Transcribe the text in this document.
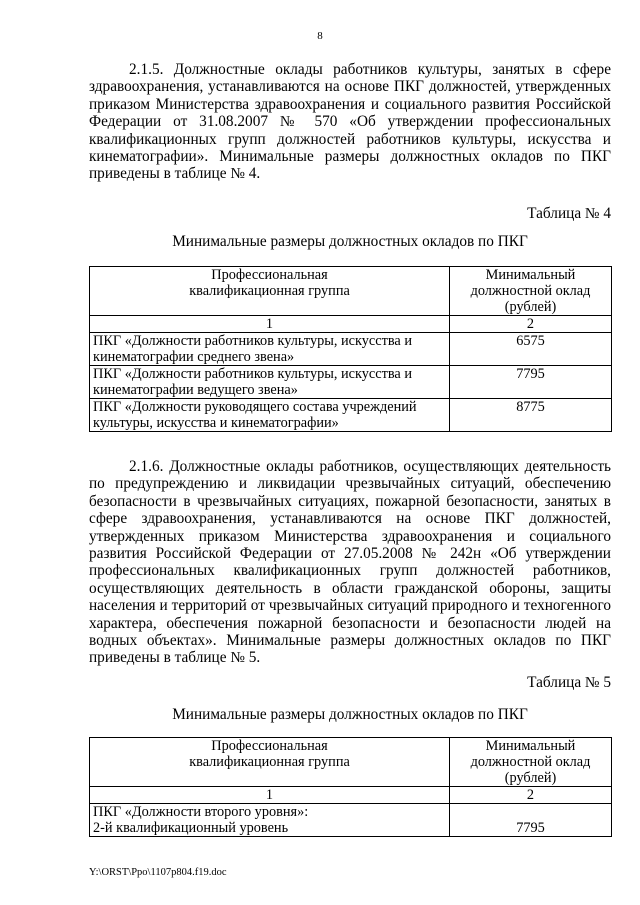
8

2.1.5. Должностные оклады работников культуры, занятых в сфере здравоохранения, устанавливаются на основе ПКГ должностей, утвержденных приказом Министерства здравоохранения и социального развития Российской Федерации от 31.08.2007 № 570 «Об утверждении профессиональных квалификационных групп должностей работников культуры, искусства и кинематографии». Минимальные размеры должностных окладов по ПКГ приведены в таблице № 4.

Таблица № 4
Минимальные размеры должностных окладов по ПКГ
Профессиональная квалификационная группа	Минимальный должностной оклад (рублей)

1	2
ПКГ «Должности работников культуры, искусства и кинематографии среднего звена»	6575
ПКГ «Должности работников культуры, искусства и кинематографии ведущего звена»	7795
ПКГ «Должности руководящего состава учреждений культуры, искусства и кинематографии»	8775

2.1.6. Должностные оклады работников, осуществляющих деятельность по предупреждению и ликвидации чрезвычайных ситуаций, обеспечению безопасности в чрезвычайных ситуациях, пожарной безопасности, занятых в сфере здравоохранения, устанавливаются на основе ПКГ должностей, утвержденных приказом Министерства здравоохранения и социального развития Российской Федерации от 27.05.2008 № 242н «Об утверждении профессиональных квалификационных групп должностей работников, осуществляющих деятельность в области гражданской обороны, защиты населения и территорий от чрезвычайных ситуаций природного и техногенного характера, обеспечения пожарной безопасности и безопасности людей на водных объектах». Минимальные размеры должностных окладов по ПКГ приведены в таблице № 5.

Таблица № 5
Минимальные размеры должностных окладов по ПКГ
Профессиональная квалификационная группа	Минимальный должностной оклад (рублей)

1	2

ПКГ «Должности второго уровня»:
2-й квалификационный уровень	7795
Y:\ORST\Ppo\1107p804.f19.doc
